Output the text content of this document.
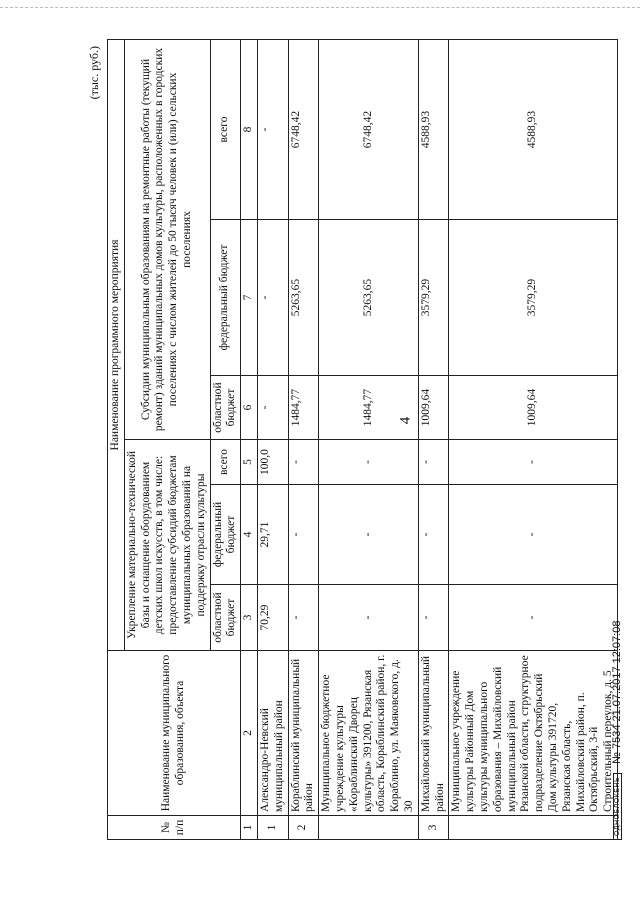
4
(тыс. руб.)
№ п/п	Наименование муниципального образования, объекта	Наименование программного мероприятия					
		Укрепление материально-технической базы и оснащение оборудованием детских школ искусств, в том числе: предоставление субсидий бюджетам муниципальных образований на поддержку отрасли культуры			Субсидии муниципальным образованиям на ремонтные работы (текущий ремонт) зданий муниципальных домов культуры, расположенных в городских поселениях с числом жителей до 50 тысяч человек и (или) сельских поселениях		
		областной бюджет	федеральный бюджет	всего	областной бюджет	федеральный бюджет	всего
1	2	3	4	5	6	7	8
1	Александро-Невский муниципальный район	70,29	29,71	100,0	-	-	-
2	Кораблинский муниципальный район	-	-	-	1484,77	5263,65	6748,42
	Муниципальное бюджетное учреждение культуры «Кораблинский Дворец культуры» 391200, Рязанская область, Кораблинский район, г. Кораблино, ул. Маяковского, д. 30	-	-	-	1484,77	5263,65	6748,42
3	Михайловский муниципальный район	-	-	-	1009,64	3579,29	4588,93
	Муниципальное учреждение культуры Районный Дом культуры муниципального образования – Михайловский муниципальный район Рязанской области, структурное подразделение Октябрьский Дом культуры 391720, Рязанская область, Михайловский район, п. Октябрьский, 3-й Строительный переулок, д. 5	-	-	-	1009,64	3579,29	4588,93
ОДНОБЛОКЕНЬ № 7534 21.07.2017 12:07:08
